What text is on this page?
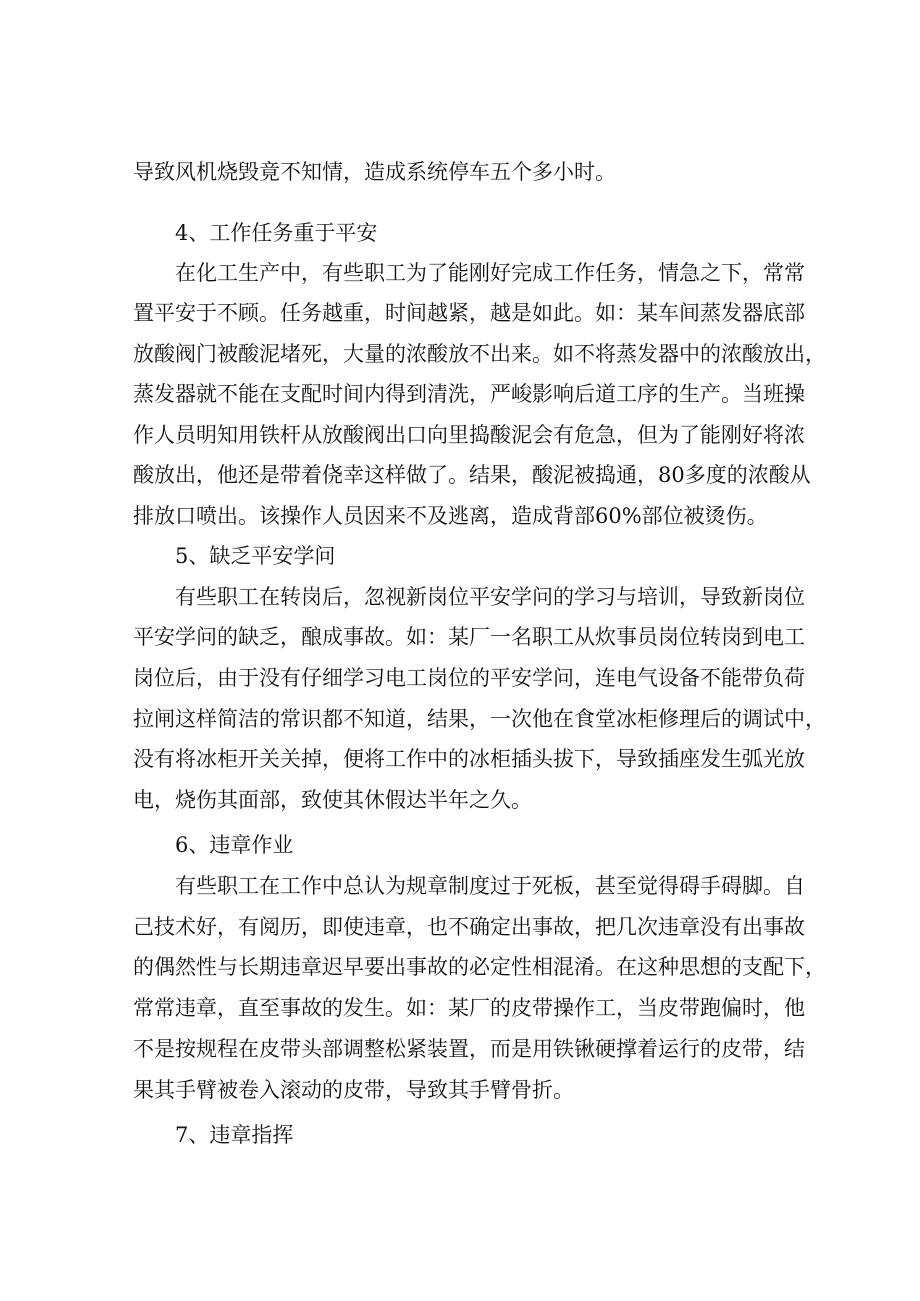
导致风机烧毁竟不知情，造成系统停车五个多小时。
4、工作任务重于平安
在化工生产中，有些职工为了能刚好完成工作任务，情急之下，常常
置平安于不顾。任务越重，时间越紧，越是如此。如：某车间蒸发器底部
放酸阀门被酸泥堵死，大量的浓酸放不出来。如不将蒸发器中的浓酸放出，
蒸发器就不能在支配时间内得到清洗，严峻影响后道工序的生产。当班操
作人员明知用铁杆从放酸阀出口向里捣酸泥会有危急，但为了能刚好将浓
酸放出，他还是带着侥幸这样做了。结果，酸泥被捣通，80多度的浓酸从
排放口喷出。该操作人员因来不及逃离，造成背部60%部位被烫伤。
5、缺乏平安学问
有些职工在转岗后，忽视新岗位平安学问的学习与培训，导致新岗位
平安学问的缺乏，酿成事故。如：某厂一名职工从炊事员岗位转岗到电工
岗位后，由于没有仔细学习电工岗位的平安学问，连电气设备不能带负荷
拉闸这样简洁的常识都不知道，结果，一次他在食堂冰柜修理后的调试中，
没有将冰柜开关关掉，便将工作中的冰柜插头拔下，导致插座发生弧光放
电，烧伤其面部，致使其休假达半年之久。
6、违章作业
有些职工在工作中总认为规章制度过于死板，甚至觉得碍手碍脚。自
己技术好，有阅历，即使违章，也不确定出事故，把几次违章没有出事故
的偶然性与长期违章迟早要出事故的必定性相混淆。在这种思想的支配下，
常常违章，直至事故的发生。如：某厂的皮带操作工，当皮带跑偏时，他
不是按规程在皮带头部调整松紧装置，而是用铁锹硬撑着运行的皮带，结
果其手臂被卷入滚动的皮带，导致其手臂骨折。
7、违章指挥
